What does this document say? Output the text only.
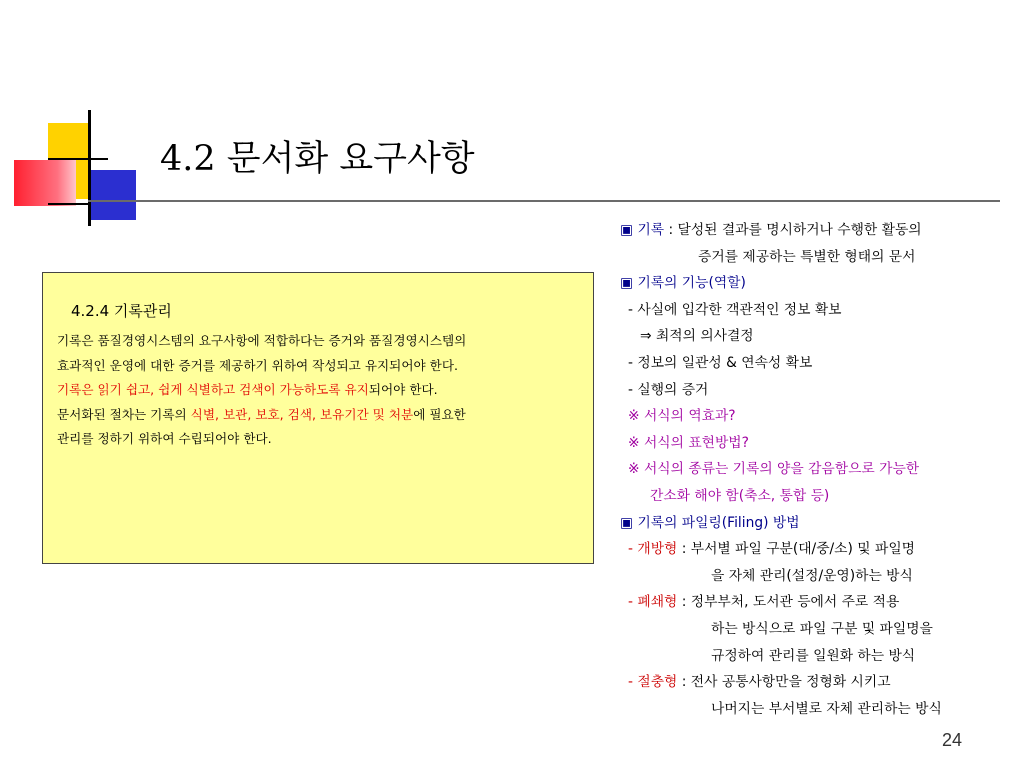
4.2 문서화 요구사항
4.2.4 기록관리
기록은 품질경영시스템의 요구사항에 적합하다는 증거와 품질경영시스템의
효과적인 운영에 대한 증거를 제공하기 위하여 작성되고 유지되어야 한다.
기록은 읽기 쉽고, 쉽게 식별하고 검색이 가능하도록 유지되어야 한다.
문서화된 절차는 기록의 식별, 보관, 보호, 검색, 보유기간 및 처분에 필요한
관리를 정하기 위하여 수립되어야 한다.
▣ 기록 : 달성된 결과를 명시하거나 수행한 활동의
증거를 제공하는 특별한 형태의 문서
▣ 기록의 기능(역할)
- 사실에 입각한 객관적인 정보 확보
⇒ 최적의 의사결정
- 정보의 일관성 & 연속성 확보
- 실행의 증거
※ 서식의 역효과?
※ 서식의 표현방법?
※ 서식의 종류는 기록의 양을 감음함으로 가능한
간소화 해야 함(축소, 통합 등)
▣ 기록의 파일링(Filing) 방법
- 개방형 : 부서별 파일 구분(대/중/소) 및 파일명
을 자체 관리(설정/운영)하는 방식
- 폐쇄형 : 정부부처, 도서관 등에서 주로 적용
하는 방식으로 파일 구분 및 파일명을
규정하여 관리를 일원화 하는 방식
- 절충형 : 전사 공통사항만을 정형화 시키고
나머지는 부서별로 자체 관리하는 방식
24
